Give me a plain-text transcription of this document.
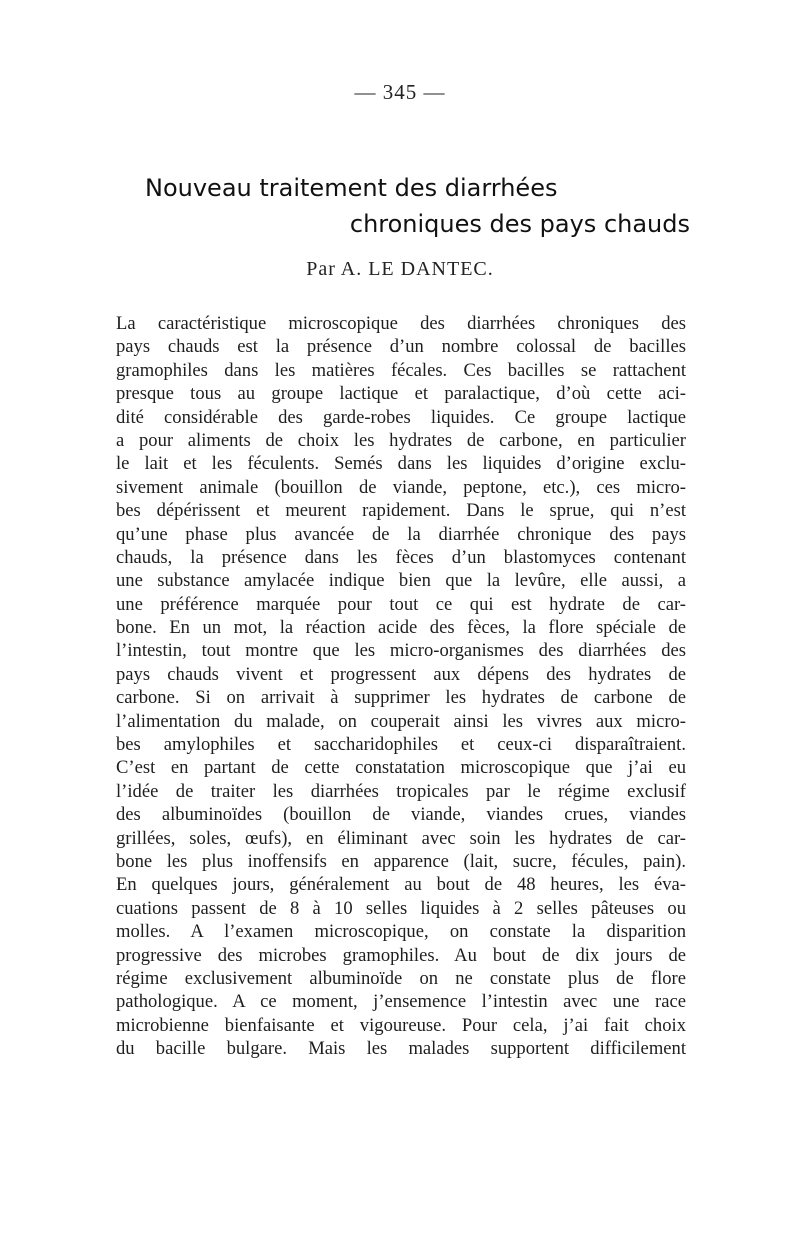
— 345 —
Nouveau traitement des diarrhées
chroniques des pays chauds
Par A. LE DANTEC.
La caractéristique microscopique des diarrhées chroniques des
pays chauds est la présence d’un nombre colossal de bacilles
gramophiles dans les matières fécales. Ces bacilles se rattachent
presque tous au groupe lactique et paralactique, d’où cette aci-
dité considérable des garde-robes liquides. Ce groupe lactique
a pour aliments de choix les hydrates de carbone, en particulier
le lait et les féculents. Semés dans les liquides d’origine exclu-
sivement animale (bouillon de viande, peptone, etc.), ces micro-
bes dépérissent et meurent rapidement. Dans le sprue, qui n’est
qu’une phase plus avancée de la diarrhée chronique des pays
chauds, la présence dans les fèces d’un blastomyces contenant
une substance amylacée indique bien que la levûre, elle aussi, a
une préférence marquée pour tout ce qui est hydrate de car-
bone. En un mot, la réaction acide des fèces, la flore spéciale de
l’intestin, tout montre que les micro-organismes des diarrhées des
pays chauds vivent et progressent aux dépens des hydrates de
carbone. Si on arrivait à supprimer les hydrates de carbone de
l’alimentation du malade, on couperait ainsi les vivres aux micro-
bes amylophiles et saccharidophiles et ceux-ci disparaîtraient.
C’est en partant de cette constatation microscopique que j’ai eu
l’idée de traiter les diarrhées tropicales par le régime exclusif
des albuminoïdes (bouillon de viande, viandes crues, viandes
grillées, soles, œufs), en éliminant avec soin les hydrates de car-
bone les plus inoffensifs en apparence (lait, sucre, fécules, pain).
En quelques jours, généralement au bout de 48 heures, les éva-
cuations passent de 8 à 10 selles liquides à 2 selles pâteuses ou
molles. A l’examen microscopique, on constate la disparition
progressive des microbes gramophiles. Au bout de dix jours de
régime exclusivement albuminoïde on ne constate plus de flore
pathologique. A ce moment, j’ensemence l’intestin avec une race
microbienne bienfaisante et vigoureuse. Pour cela, j’ai fait choix
du bacille bulgare. Mais les malades supportent difficilement
